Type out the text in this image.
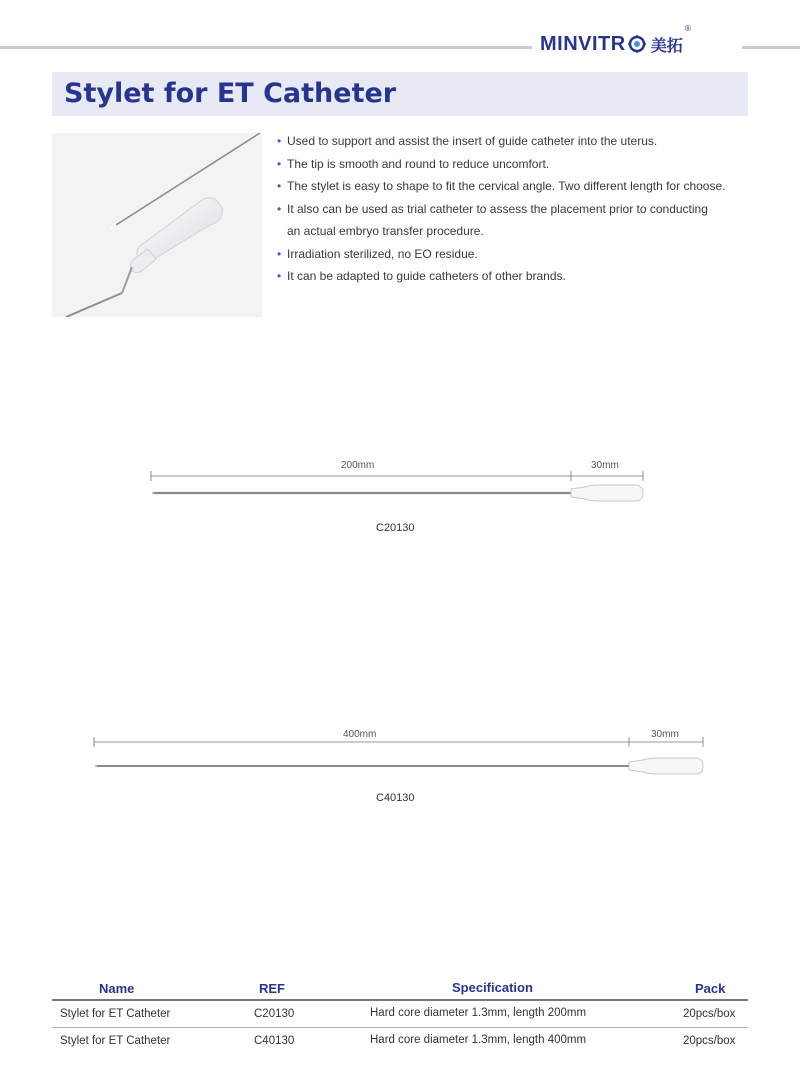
MINVITR 美拓
®
Stylet for ET Catheter
• Used to support and assist the insert of guide catheter into the uterus.
• The tip is smooth and round to reduce uncomfort.
• The stylet is easy to shape to fit the cervical angle. Two different length for choose.
• It also can be used as trial catheter to assess the placement prior to conducting
an actual embryo transfer procedure.
• Irradiation sterilized, no EO residue.
• It can be adapted to guide catheters of other brands.
200mm	30mm
C20130
400mm	30mm
C40130
Name	REF	Specification	Pack
Stylet for ET Catheter	C20130	Hard core diameter 1.3mm, length 200mm	20pcs/box
Stylet for ET Catheter	C40130	Hard core diameter 1.3mm, length 400mm	20pcs/box
